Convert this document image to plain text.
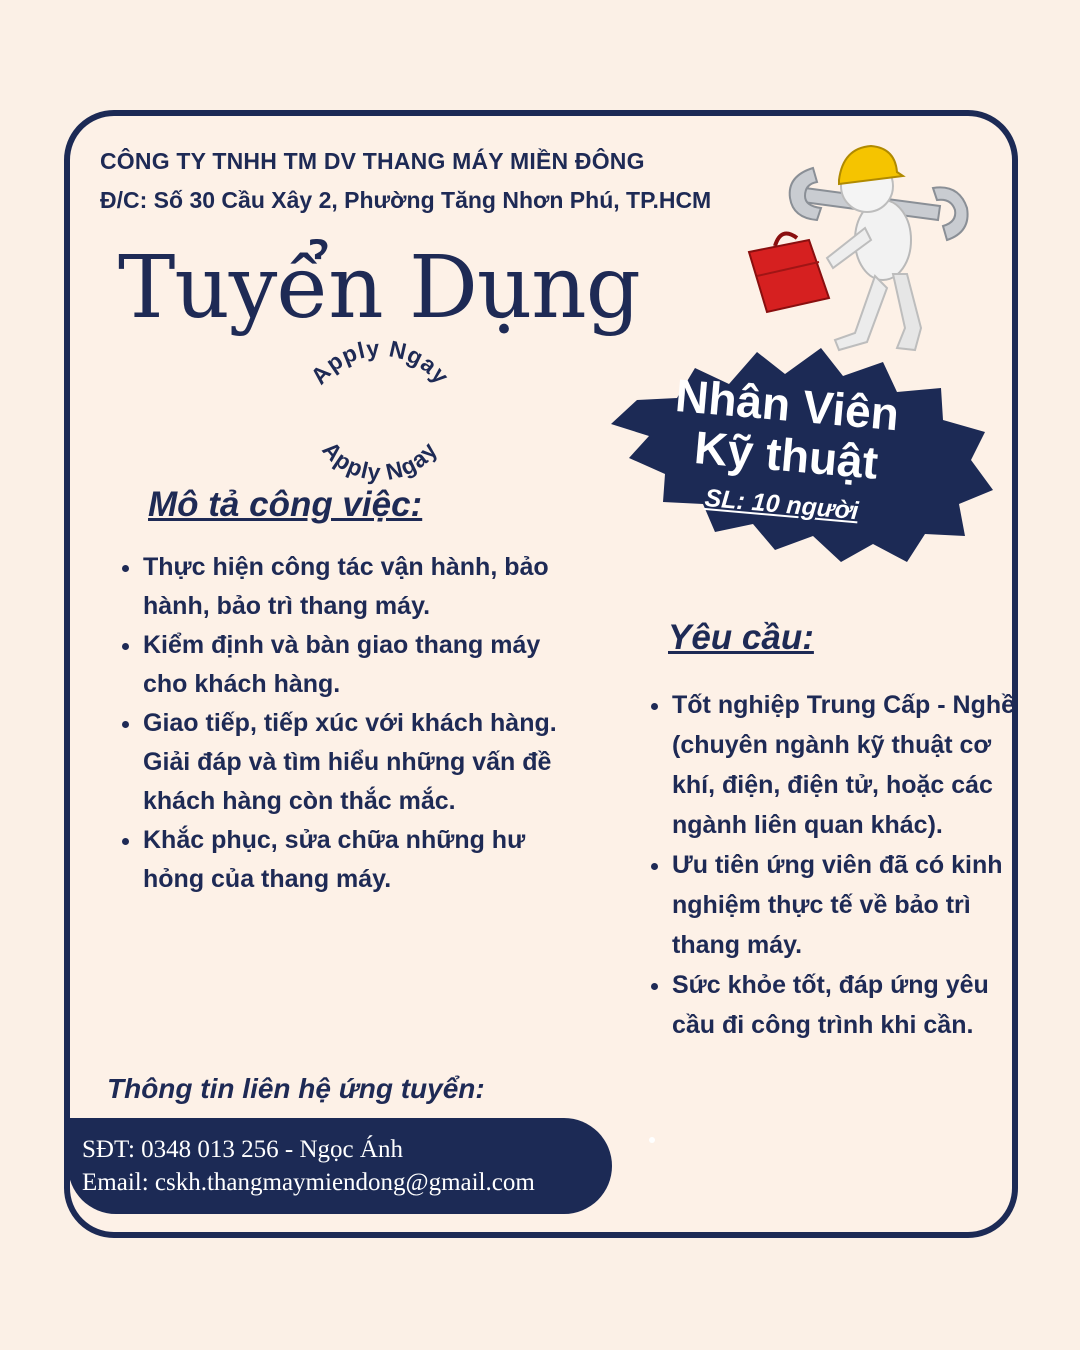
CÔNG TY TNHH TM DV THANG MÁY MIỀN ĐÔNG
Đ/C: Số 30 Cầu Xây 2, Phường Tăng Nhơn Phú, TP.HCM
Tuyển Dụng
Apply Ngay
Apply Ngay
Nhân Viên
Kỹ thuật
SL: 10 người
Mô tả công việc:
• Thực hiện công tác vận hành, bảo hành, bảo trì thang máy.
• Kiểm định và bàn giao thang máy cho khách hàng.
• Giao tiếp, tiếp xúc với khách hàng. Giải đáp và tìm hiểu những vấn đề khách hàng còn thắc mắc.
• Khắc phục, sửa chữa những hư hỏng của thang máy.
Yêu cầu:
• Tốt nghiệp Trung Cấp - Nghề (chuyên ngành kỹ thuật cơ khí, điện, điện tử, hoặc các ngành liên quan khác).
• Ưu tiên ứng viên đã có kinh nghiệm thực tế về bảo trì thang máy.
• Sức khỏe tốt, đáp ứng yêu cầu đi công trình khi cần.
Thông tin liên hệ ứng tuyển:
SĐT: 0348 013 256 - Ngọc Ánh
Email: cskh.thangmaymiendong@gmail.com
